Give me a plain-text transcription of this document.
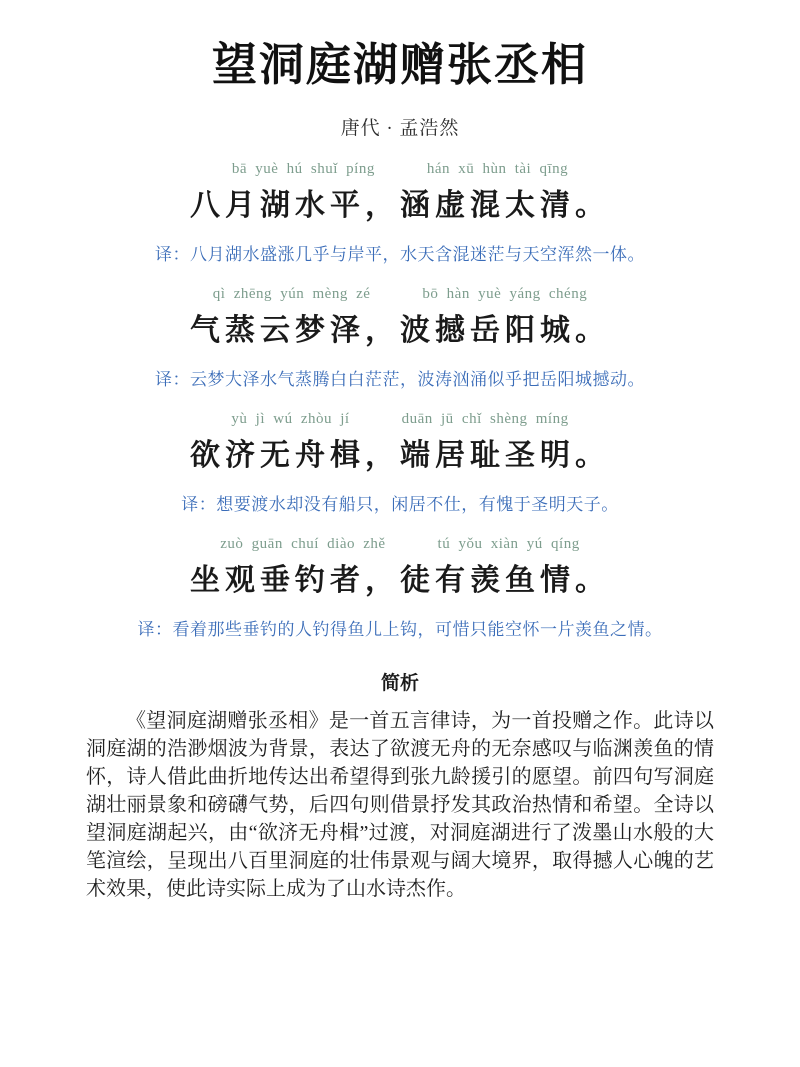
望洞庭湖赠张丞相
唐代 · 孟浩然
bā yuè hú shuǐ píng	hán xū hùn tài qīng
八月湖水平，涵虚混太清。
译：八月湖水盛涨几乎与岸平，水天含混迷茫与天空浑然一体。
qì zhēng yún mèng zé	bō hàn yuè yáng chéng
气蒸云梦泽，波撼岳阳城。
译：云梦大泽水气蒸腾白白茫茫，波涛汹涌似乎把岳阳城撼动。
yù jì wú zhòu jí	duān jū chǐ shèng míng
欲济无舟楫，端居耻圣明。
译：想要渡水却没有船只，闲居不仕，有愧于圣明天子。
zuò guān chuí diào zhě	tú yǒu xiàn yú qíng
坐观垂钓者，徒有羡鱼情。
译：看着那些垂钓的人钓得鱼儿上钩，可惜只能空怀一片羡鱼之情。
简析

《望洞庭湖赠张丞相》是一首五言律诗，为一首投赠之作。此诗以洞庭湖的浩渺烟波为背景，表达了欲渡无舟的无奈感叹与临渊羡鱼的情怀，诗人借此曲折地传达出希望得到张九龄援引的愿望。前四句写洞庭湖壮丽景象和磅礴气势，后四句则借景抒发其政治热情和希望。全诗以望洞庭湖起兴，由“欲济无舟楫”过渡，对洞庭湖进行了泼墨山水般的大笔渲绘，呈现出八百里洞庭的壮伟景观与阔大境界，取得撼人心魄的艺术效果，使此诗实际上成为了山水诗杰作。
